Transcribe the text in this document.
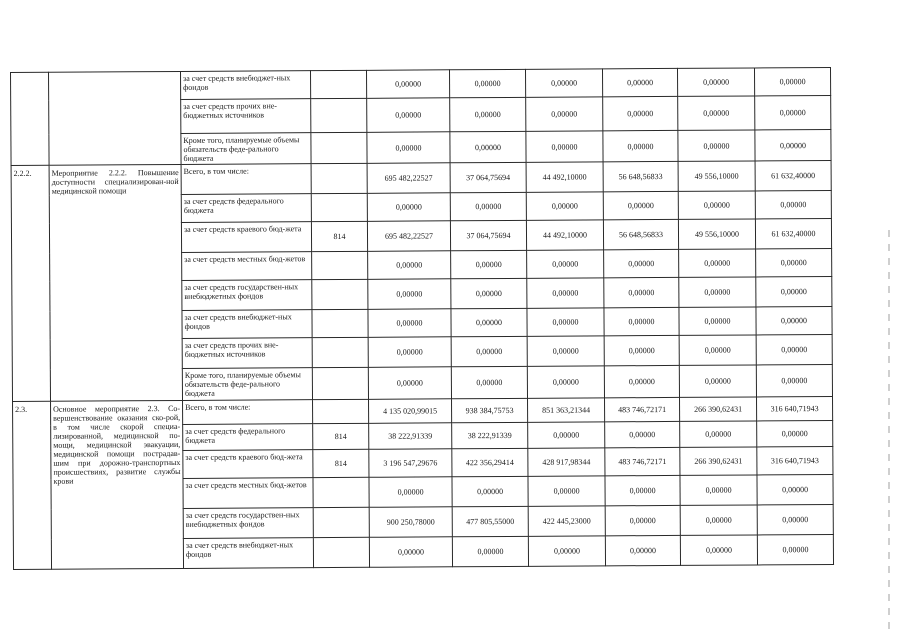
		за счет средств внебюджет-ных фондов		0,00000	0,00000	0,00000	0,00000	0,00000	0,00000
		за счет средств прочих вне-бюджетных источников		0,00000	0,00000	0,00000	0,00000	0,00000	0,00000
		Кроме того, планируемые объемы обязательств феде-рального бюджета		0,00000	0,00000	0,00000	0,00000	0,00000	0,00000
2.2.2.	Мероприятие 2.2.2. Повышение доступности специализирован-ной медицинской помощи	Всего, в том числе:		695 482,22527	37 064,75694	44 492,10000	56 648,56833	49 556,10000	61 632,40000
		за счет средств федерального бюджета		0,00000	0,00000	0,00000	0,00000	0,00000	0,00000
		за счет средств краевого бюд-жета	814	695 482,22527	37 064,75694	44 492,10000	56 648,56833	49 556,10000	61 632,40000
		за счет средств местных бюд-жетов		0,00000	0,00000	0,00000	0,00000	0,00000	0,00000
		за счет средств государствен-ных внебюджетных фондов		0,00000	0,00000	0,00000	0,00000	0,00000	0,00000
		за счет средств внебюджет-ных фондов		0,00000	0,00000	0,00000	0,00000	0,00000	0,00000
		за счет средств прочих вне-бюджетных источников		0,00000	0,00000	0,00000	0,00000	0,00000	0,00000
		Кроме того, планируемые объемы обязательств феде-рального бюджета		0,00000	0,00000	0,00000	0,00000	0,00000	0,00000
2.3.	Основное мероприятие 2.3. Со-вершенствование оказания ско-рой, в том числе скорой специа-лизированной, медицинской по-мощи, медицинской эвакуации, медицинской помощи пострадав-шим при дорожно-транспортных происшествиях, развитие службы крови	Всего, в том числе:		4 135 020,99015	938 384,75753	851 363,21344	483 746,72171	266 390,62431	316 640,71943
		за счет средств федерального бюджета	814	38 222,91339	38 222,91339	0,00000	0,00000	0,00000	0,00000
		за счет средств краевого бюд-жета	814	3 196 547,29676	422 356,29414	428 917,98344	483 746,72171	266 390,62431	316 640,71943
		за счет средств местных бюд-жетов		0,00000	0,00000	0,00000	0,00000	0,00000	0,00000
		за счет средств государствен-ных внебюджетных фондов		900 250,78000	477 805,55000	422 445,23000	0,00000	0,00000	0,00000
		за счет средств внебюджет-ных фондов		0,00000	0,00000	0,00000	0,00000	0,00000	0,00000
